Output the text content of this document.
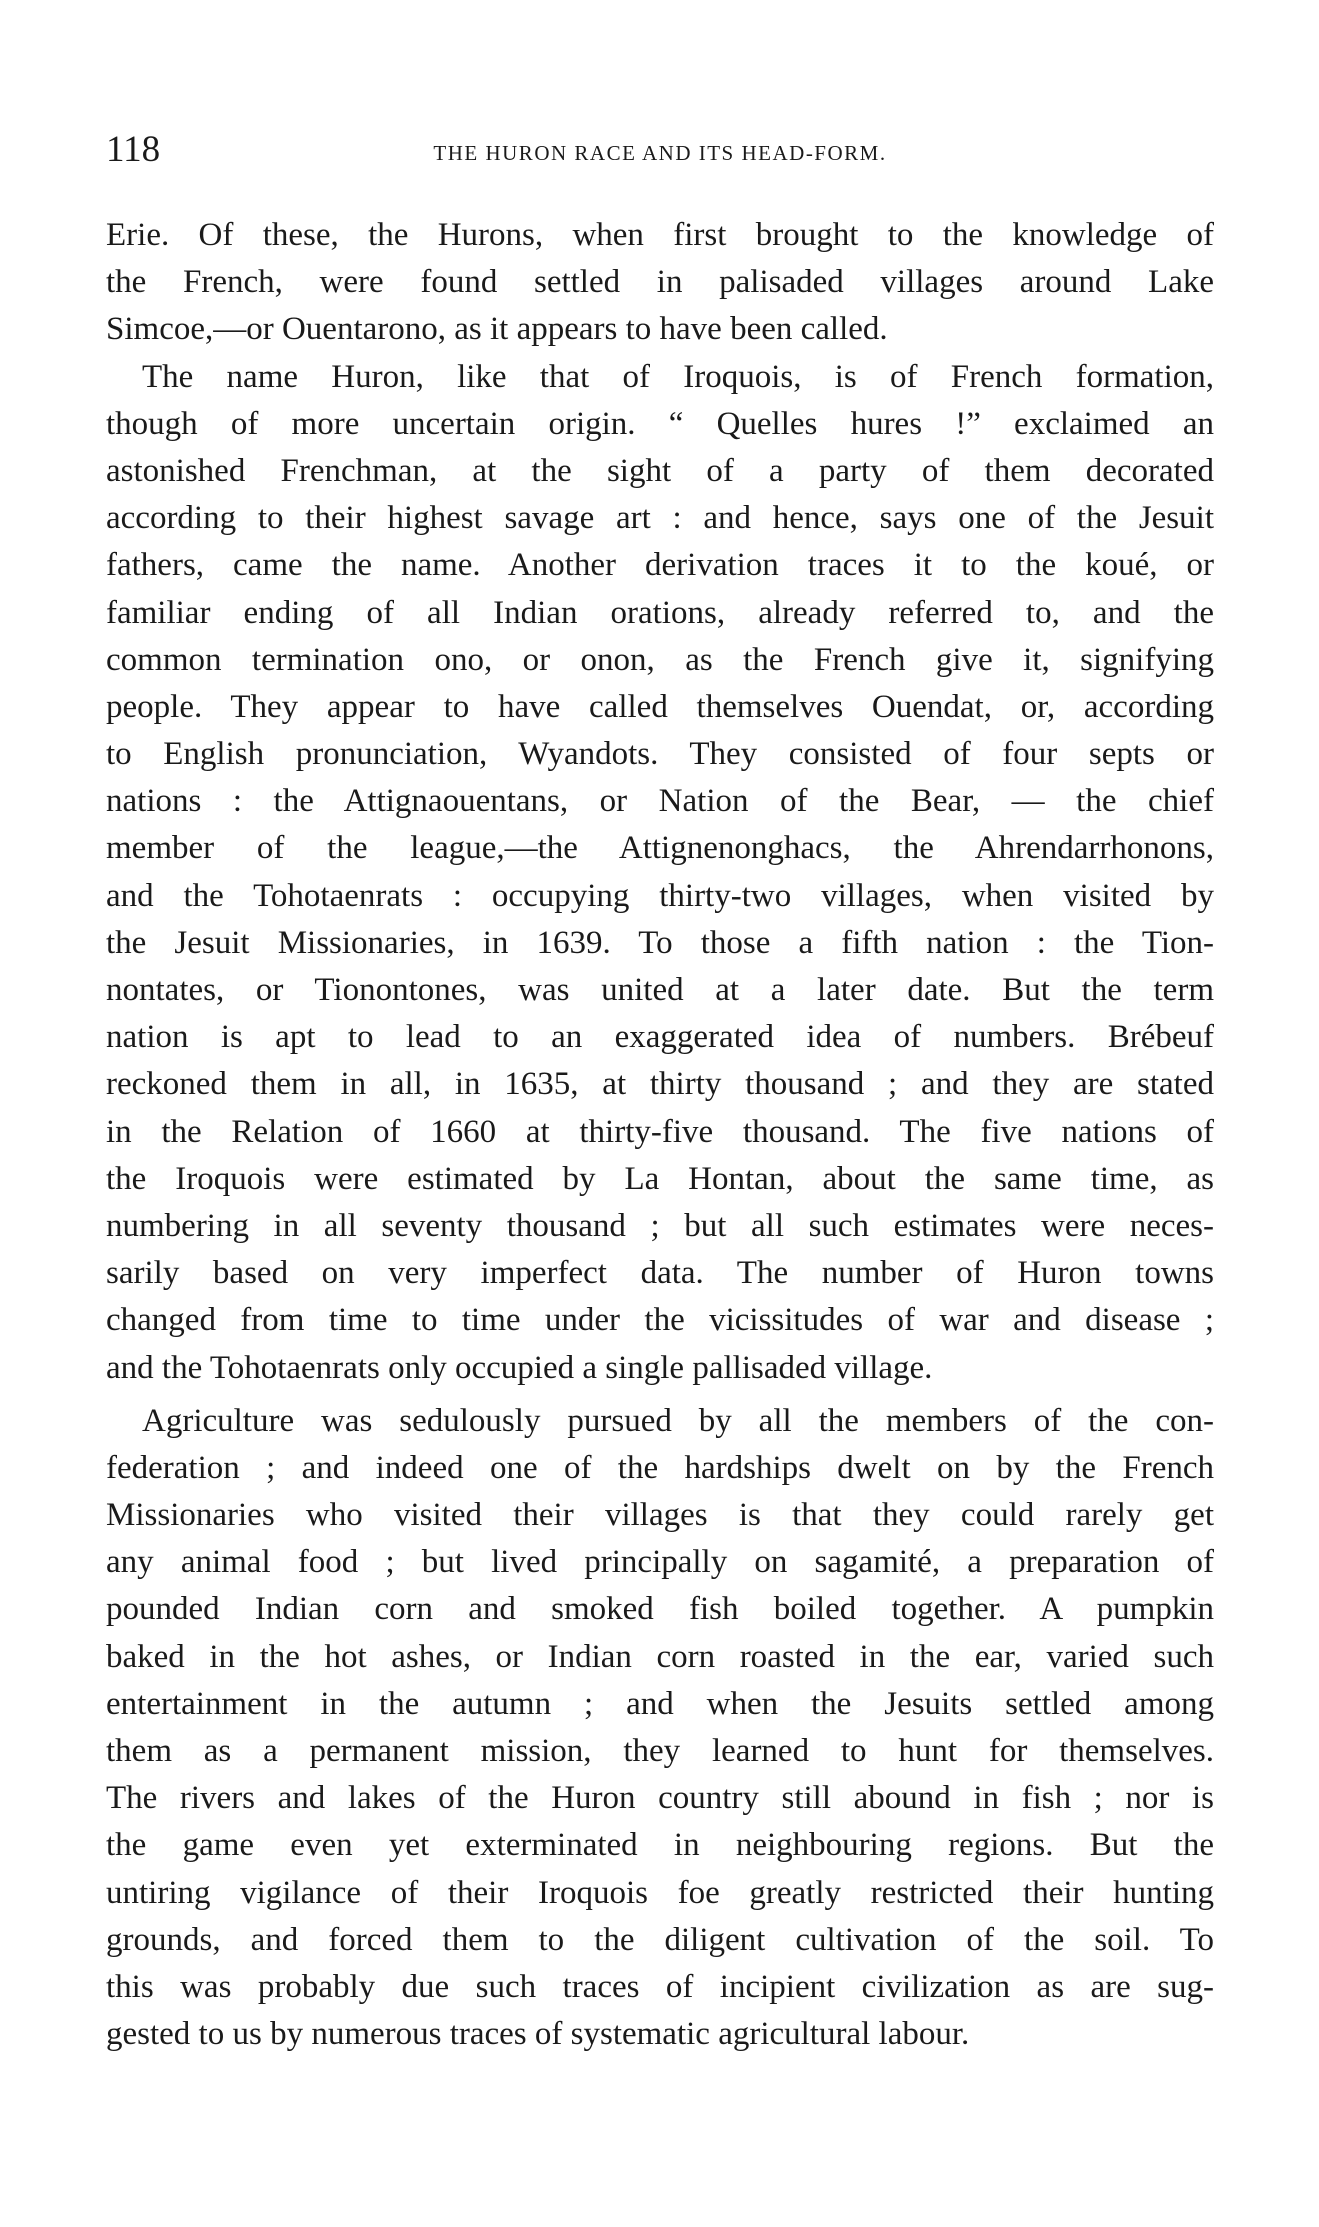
118	THE HURON RACE AND ITS HEAD-FORM.
Erie. Of these, the Hurons, when first brought to the knowledge of
the French, were found settled in palisaded villages around Lake
Simcoe,—or Ouentarono, as it appears to have been called.
The name Huron, like that of Iroquois, is of French formation,
though of more uncertain origin. “ Quelles hures !” exclaimed an
astonished Frenchman, at the sight of a party of them decorated
according to their highest savage art : and hence, says one of the Jesuit
fathers, came the name. Another derivation traces it to the koué, or
familiar ending of all Indian orations, already referred to, and the
common termination ono, or onon, as the French give it, signifying
people. They appear to have called themselves Ouendat, or, according
to English pronunciation, Wyandots. They consisted of four septs or
nations : the Attignaouentans, or Nation of the Bear, — the chief
member of the league,—the Attignenonghacs, the Ahrendarrhonons,
and the Tohotaenrats : occupying thirty-two villages, when visited by
the Jesuit Missionaries, in 1639. To those a fifth nation : the Tion-
nontates, or Tionontones, was united at a later date. But the term
nation is apt to lead to an exaggerated idea of numbers. Brébeuf
reckoned them in all, in 1635, at thirty thousand ; and they are stated
in the Relation of 1660 at thirty-five thousand. The five nations of
the Iroquois were estimated by La Hontan, about the same time, as
numbering in all seventy thousand ; but all such estimates were neces-
sarily based on very imperfect data. The number of Huron towns
changed from time to time under the vicissitudes of war and disease ;
and the Tohotaenrats only occupied a single pallisaded village.
Agriculture was sedulously pursued by all the members of the con-
federation ; and indeed one of the hardships dwelt on by the French
Missionaries who visited their villages is that they could rarely get
any animal food ; but lived principally on sagamité, a preparation of
pounded Indian corn and smoked fish boiled together. A pumpkin
baked in the hot ashes, or Indian corn roasted in the ear, varied such
entertainment in the autumn ; and when the Jesuits settled among
them as a permanent mission, they learned to hunt for themselves.
The rivers and lakes of the Huron country still abound in fish ; nor is
the game even yet exterminated in neighbouring regions. But the
untiring vigilance of their Iroquois foe greatly restricted their hunting
grounds, and forced them to the diligent cultivation of the soil. To
this was probably due such traces of incipient civilization as are sug-
gested to us by numerous traces of systematic agricultural labour.
